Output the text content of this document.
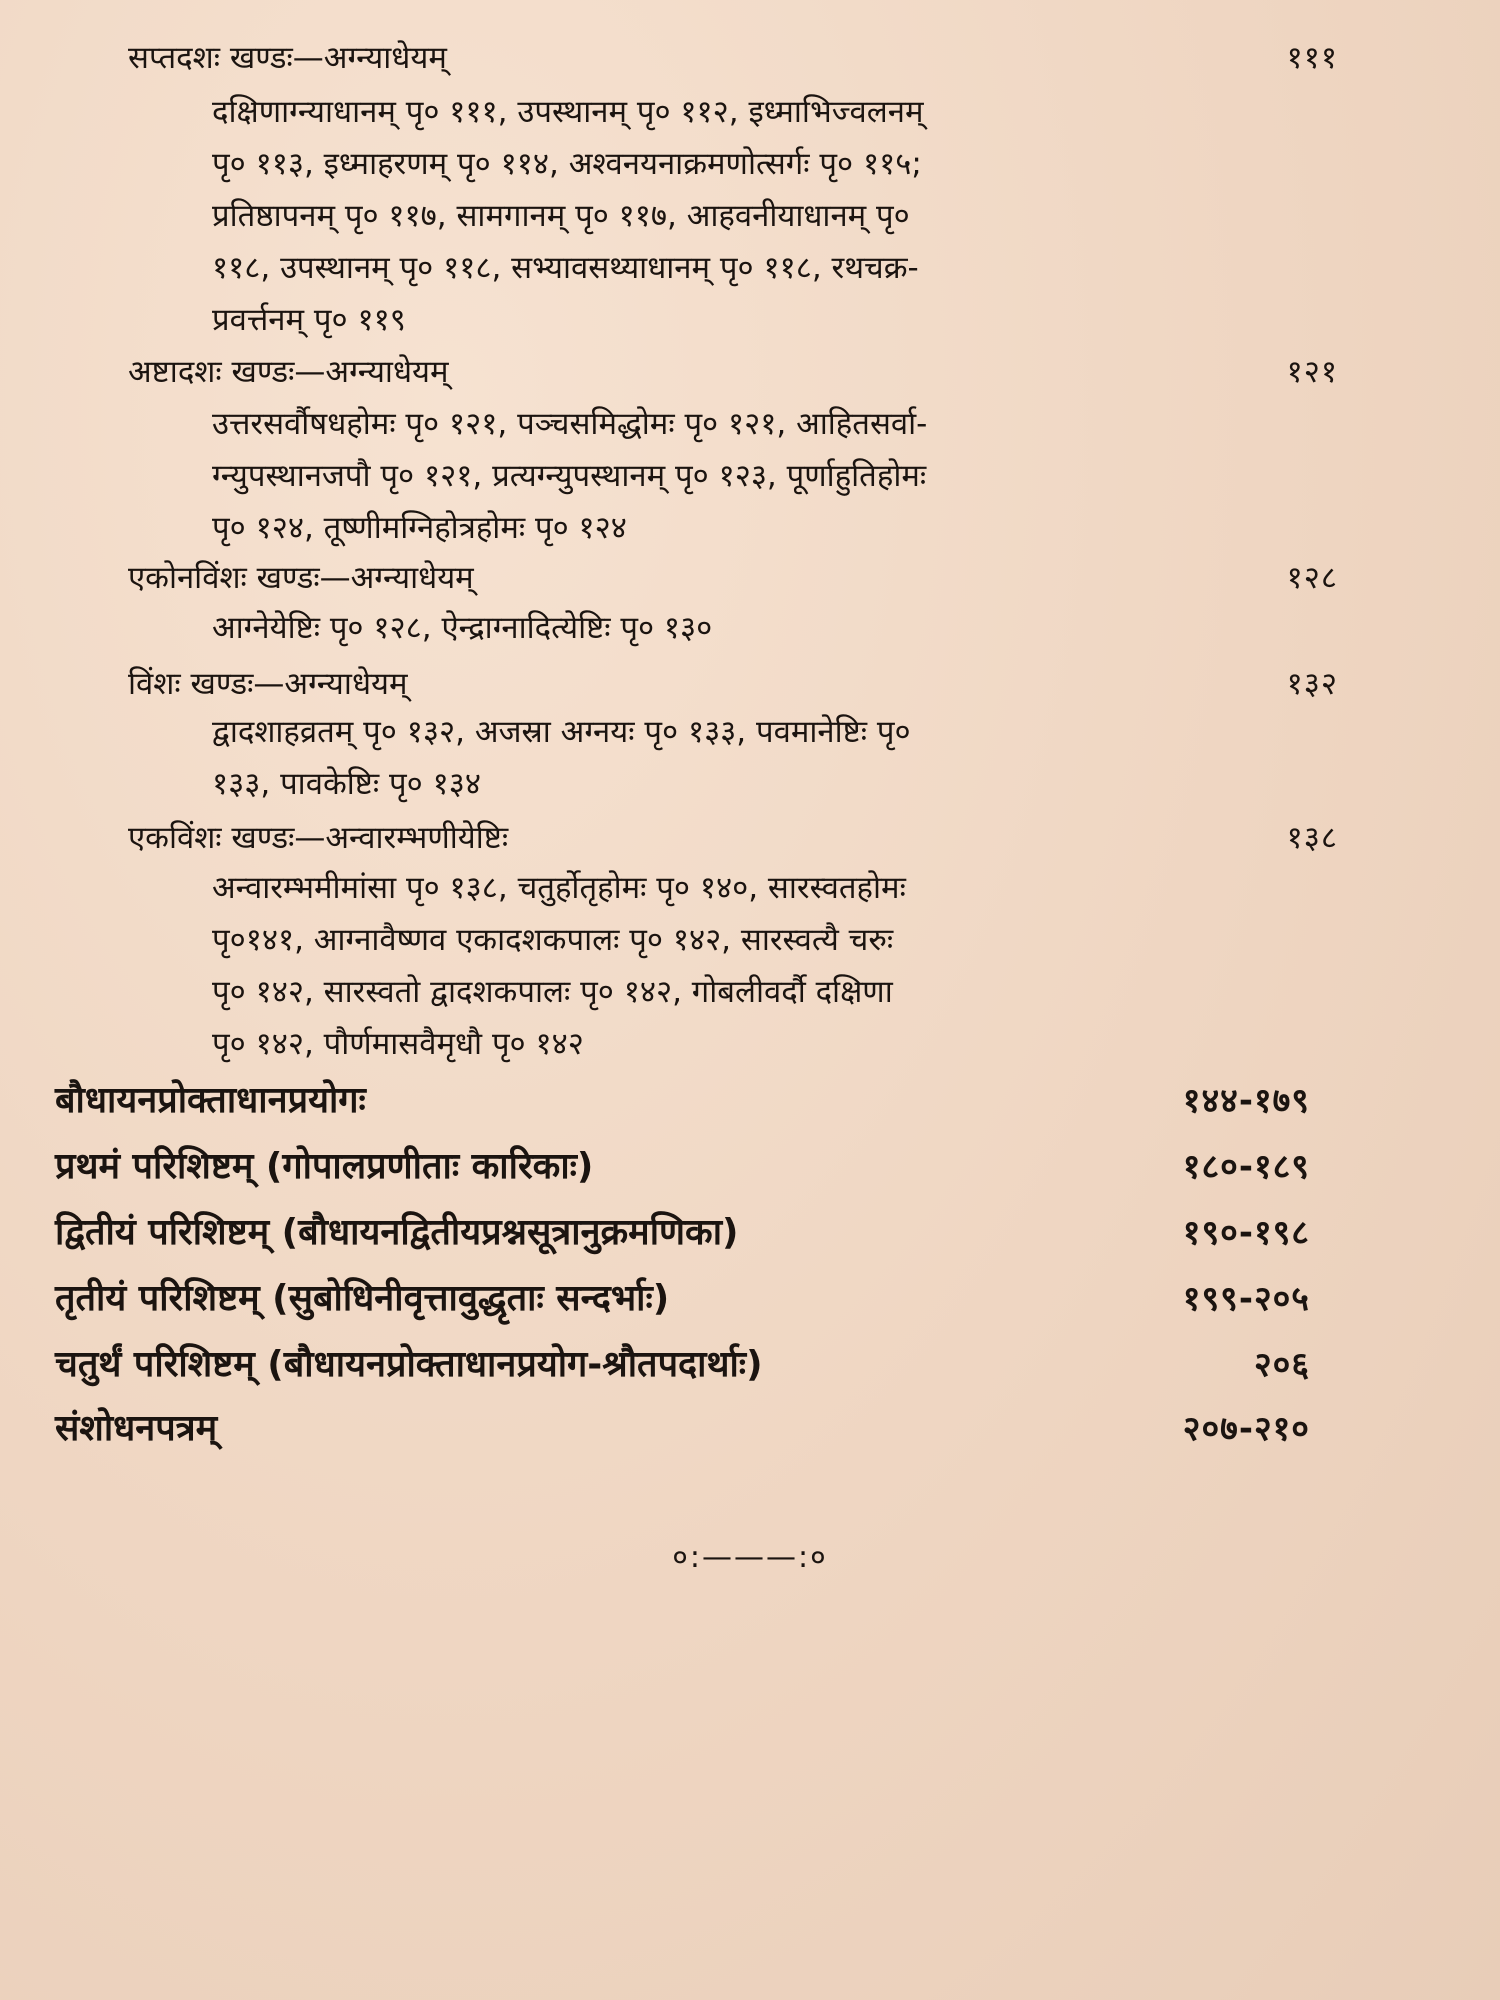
सप्तदशः खण्डः—अग्न्याधेयम्	१११
दक्षिणाग्न्याधानम् पृ० १११, उपस्थानम् पृ० ११२, इध्माभिज्वलनम्
पृ० ११३, इध्माहरणम् पृ० ११४, अश्वनयनाक्रमणोत्सर्गः पृ० ११५;
प्रतिष्ठापनम् पृ० ११७, सामगानम् पृ० ११७, आहवनीयाधानम् पृ०
११८, उपस्थानम् पृ० ११८, सभ्यावसथ्याधानम् पृ० ११८, रथचक्र-
प्रवर्त्तनम् पृ० ११९
अष्टादशः खण्डः—अग्न्याधेयम्	१२१
उत्तरसर्वौषधहोमः पृ० १२१, पञ्चसमिद्धोमः पृ० १२१, आहितसर्वा-
ग्न्युपस्थानजपौ पृ० १२१, प्रत्यग्न्युपस्थानम् पृ० १२३, पूर्णाहुतिहोमः
पृ० १२४, तूष्णीमग्निहोत्रहोमः पृ० १२४
एकोनविंशः खण्डः—अग्न्याधेयम्	१२८
आग्नेयेष्टिः पृ० १२८, ऐन्द्राग्नादित्येष्टिः पृ० १३०
विंशः खण्डः—अग्न्याधेयम्	१३२
द्वादशाहव्रतम् पृ० १३२, अजस्रा अग्नयः पृ० १३३, पवमानेष्टिः पृ०
१३३, पावकेष्टिः पृ० १३४
एकविंशः खण्डः—अन्वारम्भणीयेष्टिः	१३८
अन्वारम्भमीमांसा पृ० १३८, चतुर्होतृहोमः पृ० १४०, सारस्वतहोमः
पृ०१४१, आग्नावैष्णव एकादशकपालः पृ० १४२, सारस्वत्यै चरुः
पृ० १४२, सारस्वतो द्वादशकपालः पृ० १४२, गोबलीवर्दौ दक्षिणा
पृ० १४२, पौर्णमासवैमृधौ पृ० १४२
बौधायनप्रोक्ताधानप्रयोगः	१४४-१७९
प्रथमं परिशिष्टम् (गोपालप्रणीताः कारिकाः)	१८०-१८९
द्वितीयं परिशिष्टम् (बौधायनद्वितीयप्रश्नसूत्रानुक्रमणिका)	१९०-१९८
तृतीयं परिशिष्टम् (सुबोधिनीवृत्तावुद्धृताः सन्दर्भाः)	१९९-२०५
चतुर्थं परिशिष्टम् (बौधायनप्रोक्ताधानप्रयोग-श्रौतपदार्थाः)	२०६
संशोधनपत्रम्	२०७-२१०
०:———:०
